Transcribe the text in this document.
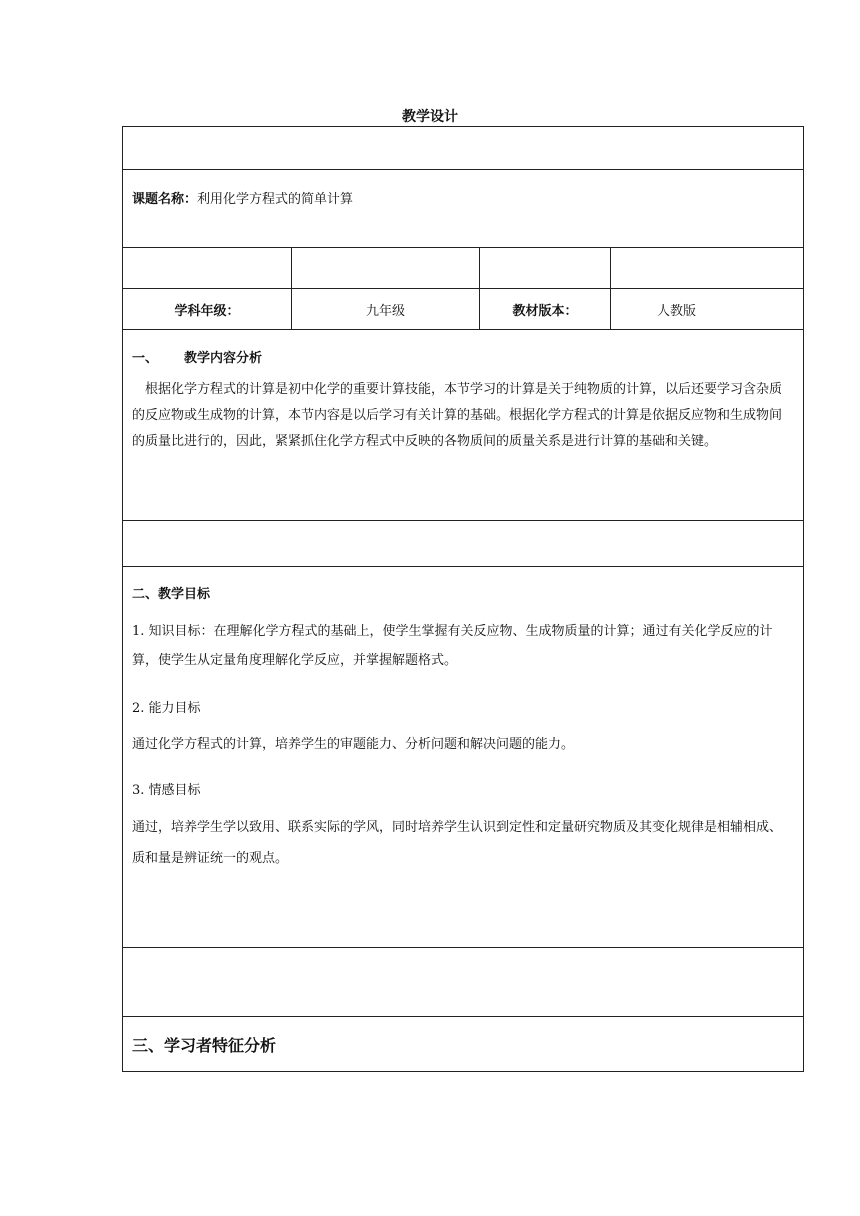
教学设计
课题名称：利用化学方程式的简单计算
学科年级：	九年级	教材版本：	人教版
一、	教学内容分析

根据化学方程式的计算是初中化学的重要计算技能，本节学习的计算是关于纯物质的计算，以后还要学习含杂质的反应物或生成物的计算，本节内容是以后学习有关计算的基础。根据化学方程式的计算是依据反应物和生成物间的质量比进行的，因此，紧紧抓住化学方程式中反映的各物质间的质量关系是进行计算的基础和关键。

二、教学目标

1. 知识目标：在理解化学方程式的基础上，使学生掌握有关反应物、生成物质量的计算；通过有关化学反应的计算，使学生从定量角度理解化学反应，并掌握解题格式。

2. 能力目标

通过化学方程式的计算，培养学生的审题能力、分析问题和解决问题的能力。

3. 情感目标

通过，培养学生学以致用、联系实际的学风，同时培养学生认识到定性和定量研究物质及其变化规律是相辅相成、质和量是辨证统一的观点。

三、学习者特征分析
